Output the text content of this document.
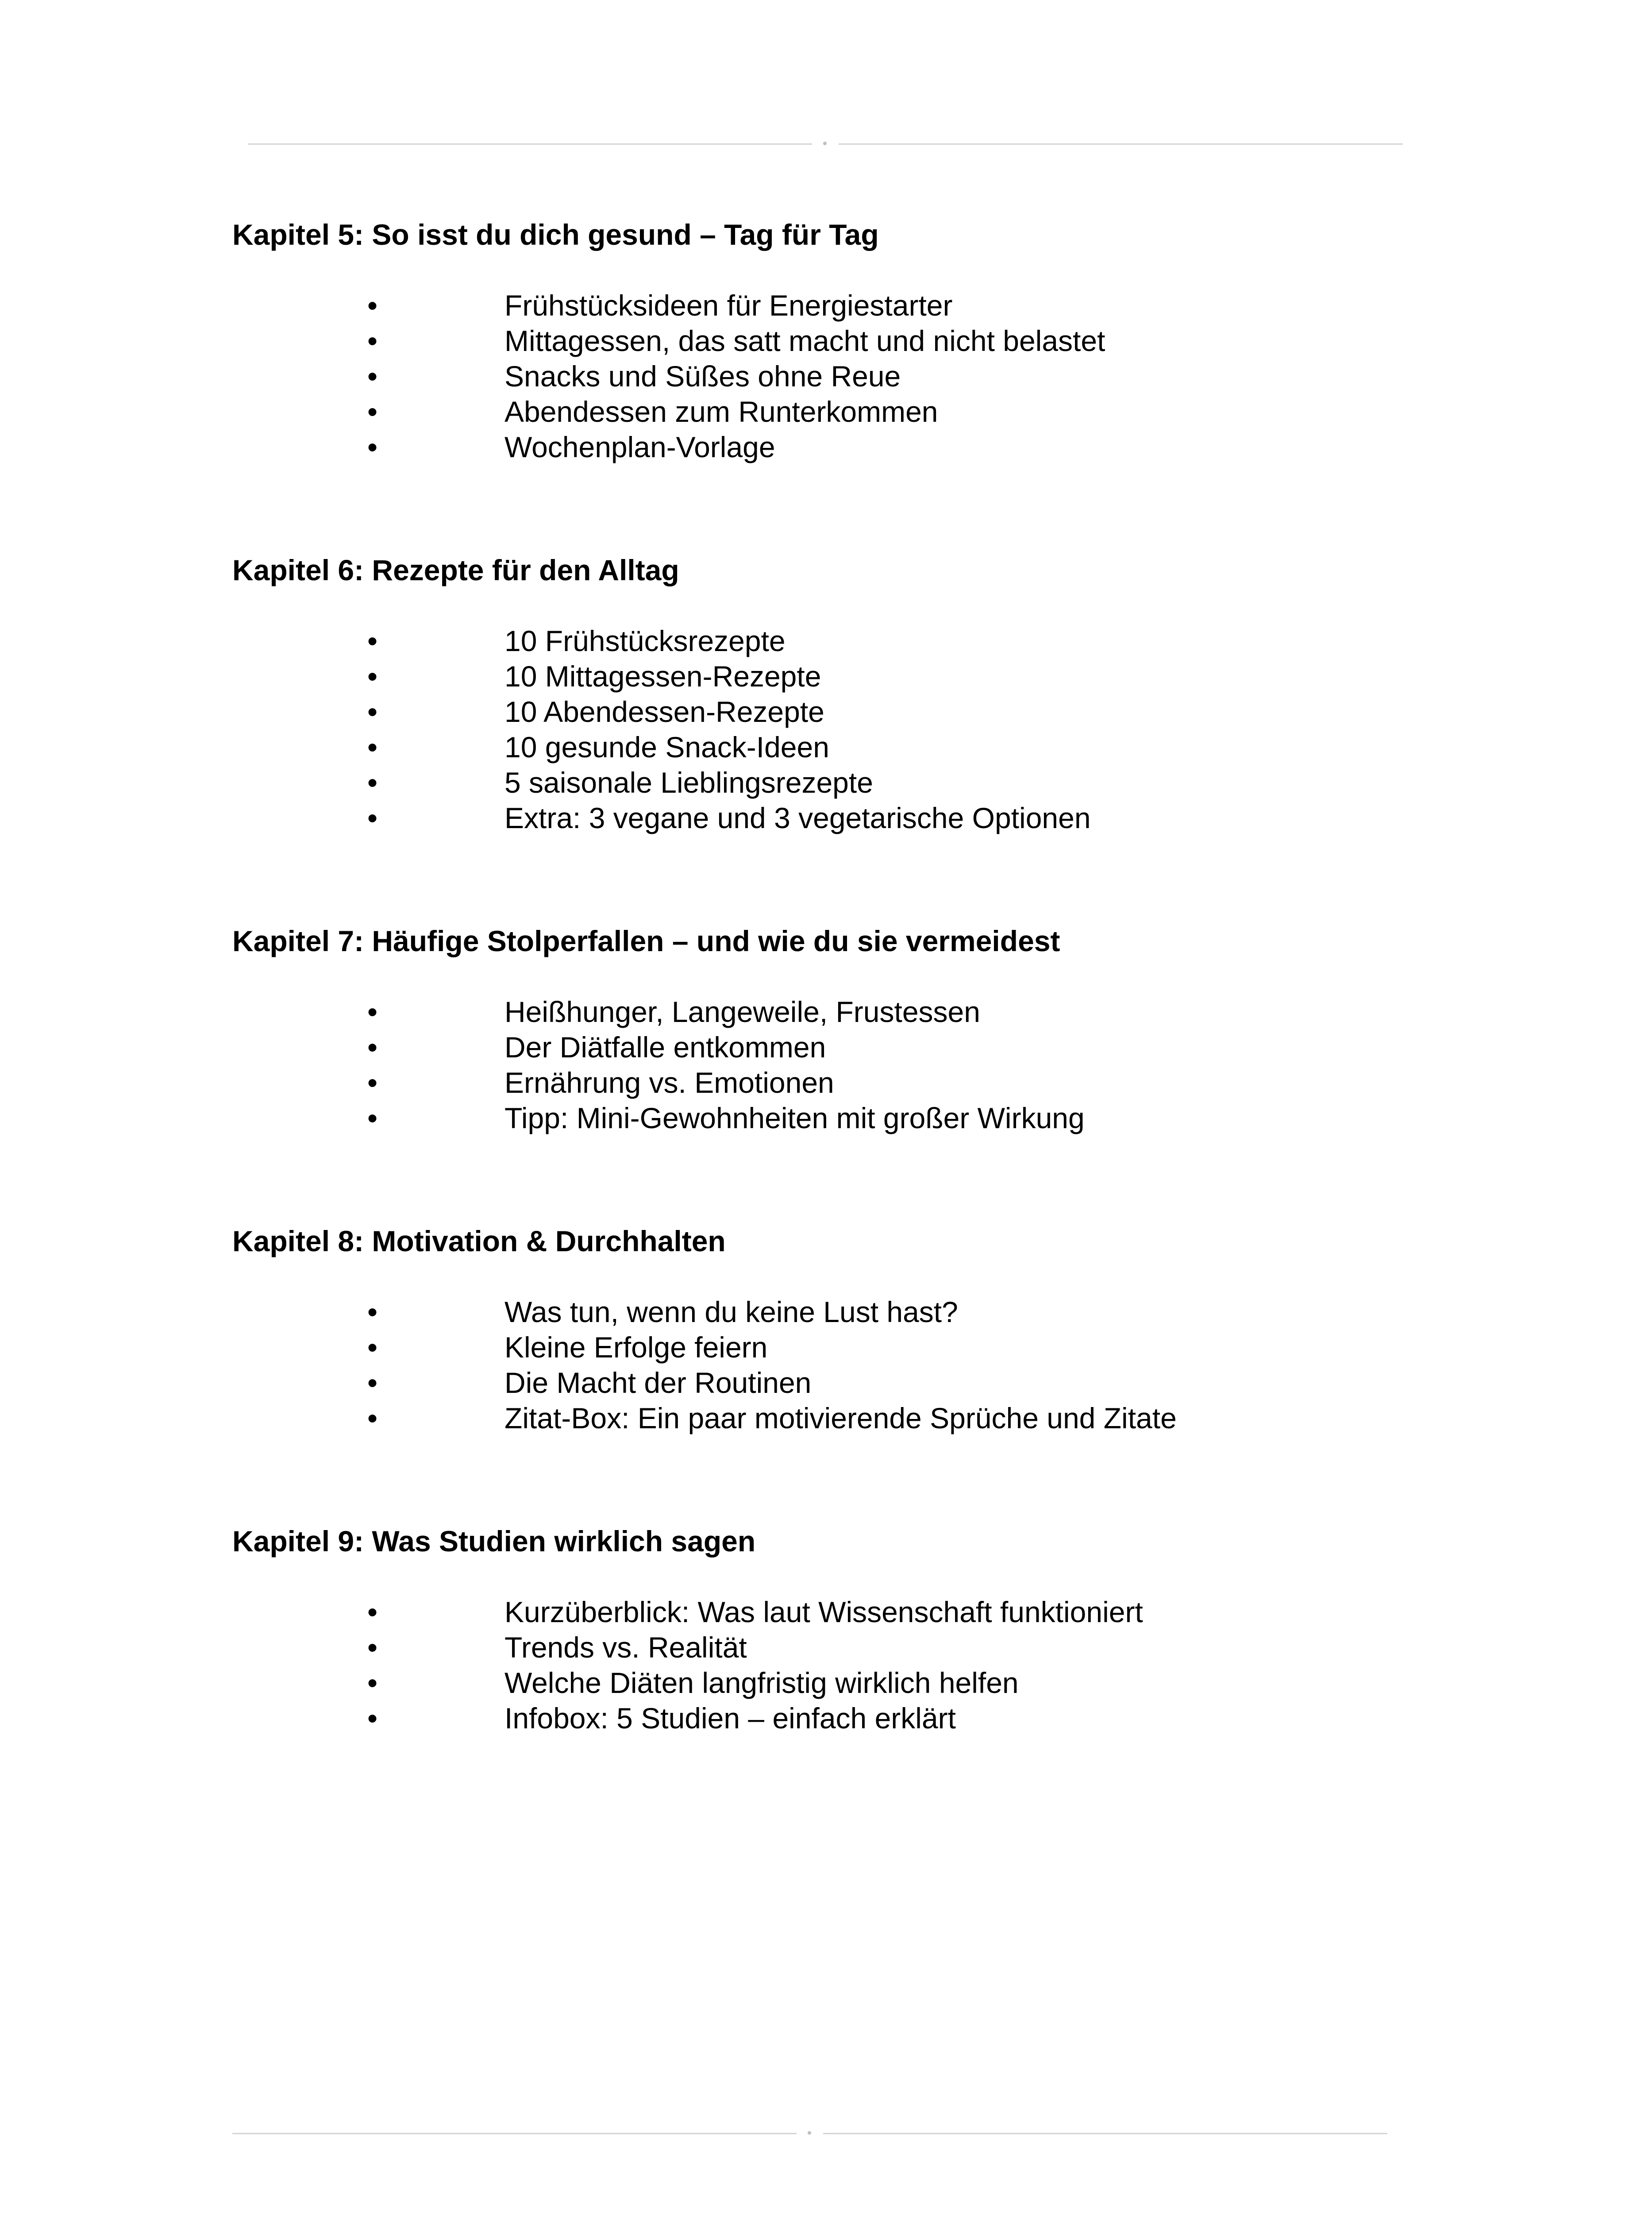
Kapitel 5: So isst du dich gesund – Tag für Tag
•	Frühstücksideen für Energiestarter
•	Mittagessen, das satt macht und nicht belastet
•	Snacks und Süßes ohne Reue
•	Abendessen zum Runterkommen
•	Wochenplan-Vorlage
Kapitel 6: Rezepte für den Alltag
•	10 Frühstücksrezepte
•	10 Mittagessen-Rezepte
•	10 Abendessen-Rezepte
•	10 gesunde Snack-Ideen
•	5 saisonale Lieblingsrezepte
•	Extra: 3 vegane und 3 vegetarische Optionen
Kapitel 7: Häufige Stolperfallen – und wie du sie vermeidest
•	Heißhunger, Langeweile, Frustessen
•	Der Diätfalle entkommen
•	Ernährung vs. Emotionen
•	Tipp: Mini-Gewohnheiten mit großer Wirkung
Kapitel 8: Motivation & Durchhalten
•	Was tun, wenn du keine Lust hast?
•	Kleine Erfolge feiern
•	Die Macht der Routinen
•	Zitat-Box: Ein paar motivierende Sprüche und Zitate
Kapitel 9: Was Studien wirklich sagen
•	Kurzüberblick: Was laut Wissenschaft funktioniert
•	Trends vs. Realität
•	Welche Diäten langfristig wirklich helfen
•	Infobox: 5 Studien – einfach erklärt
